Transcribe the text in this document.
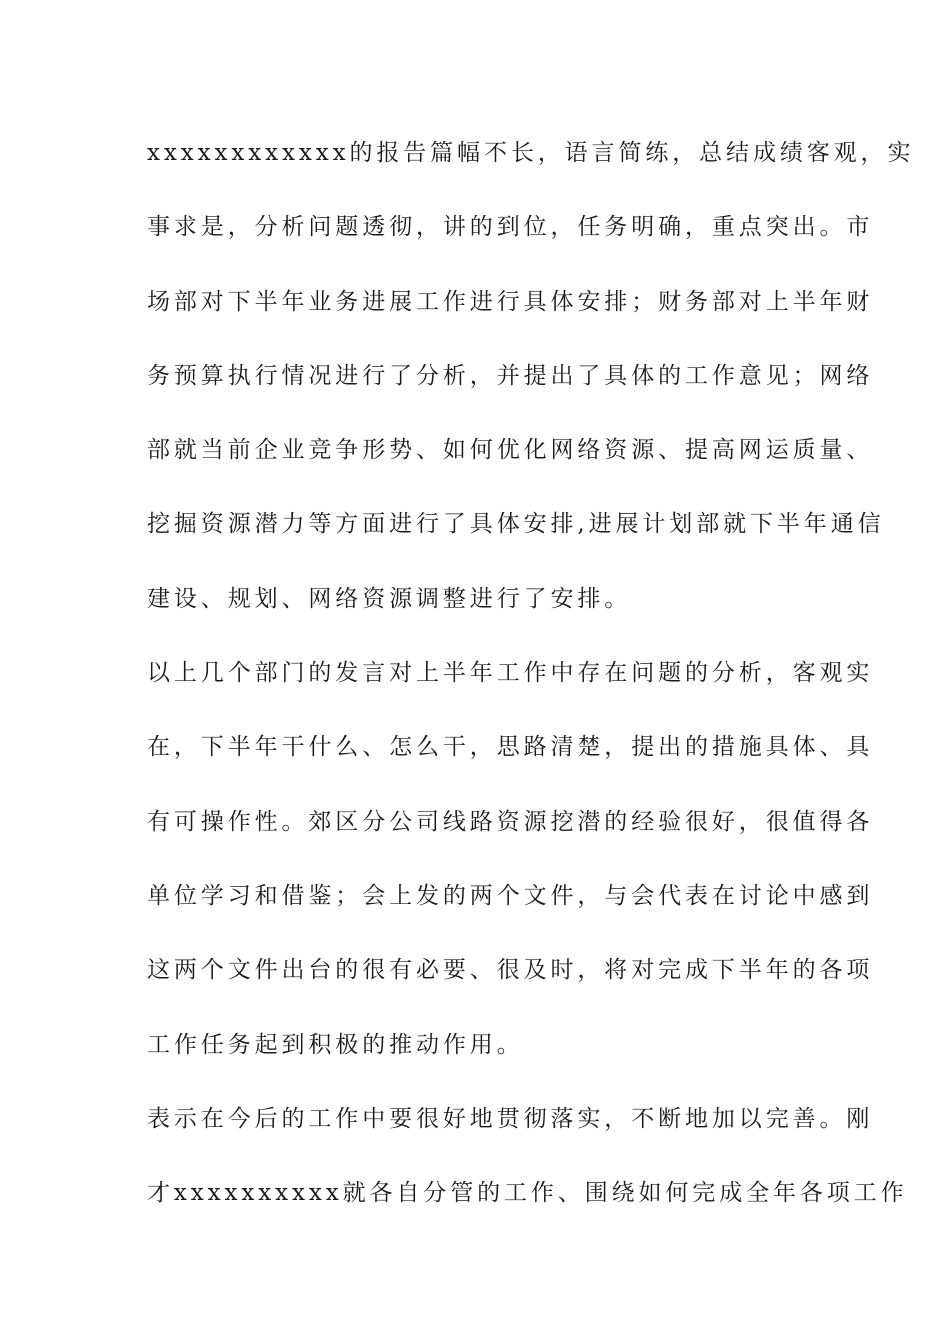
xxxxxxxxxxxx的报告篇幅不长，语言简练，总结成绩客观，实
事求是，分析问题透彻，讲的到位，任务明确，重点突出。市
场部对下半年业务进展工作进行具体安排；财务部对上半年财
务预算执行情况进行了分析，并提出了具体的工作意见；网络
部就当前企业竞争形势、如何优化网络资源、提高网运质量、
挖掘资源潜力等方面进行了具体安排,进展计划部就下半年通信
建设、规划、网络资源调整进行了安排。
以上几个部门的发言对上半年工作中存在问题的分析，客观实
在，下半年干什么、怎么干，思路清楚，提出的措施具体、具
有可操作性。郊区分公司线路资源挖潜的经验很好，很值得各
单位学习和借鉴；会上发的两个文件，与会代表在讨论中感到
这两个文件出台的很有必要、很及时，将对完成下半年的各项
工作任务起到积极的推动作用。
表示在今后的工作中要很好地贯彻落实，不断地加以完善。刚
才xxxxxxxxxx就各自分管的工作、围绕如何完成全年各项工作
